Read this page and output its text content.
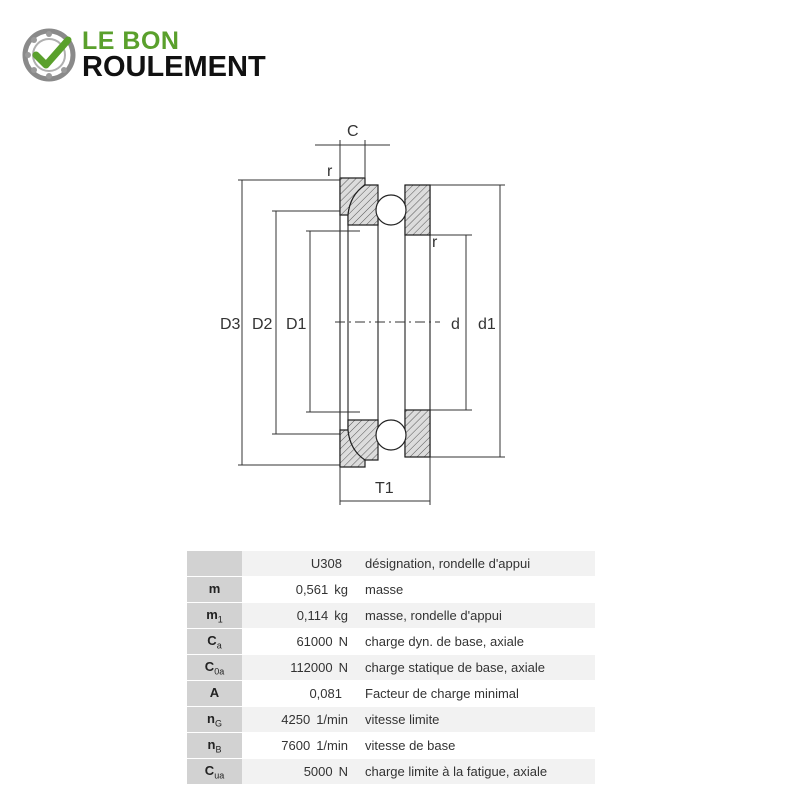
LE BON
ROULEMENT
C
r
r
D3 D2 D1	d d1
T1
	U308	désignation, rondelle d'appui
m	0,561 kg	masse
$m_1$	0,114 kg	masse, rondelle d'appui
$C_a$	61000 N	charge dyn. de base, axiale
$C_{0a}$	112000 N	charge statique de base, axiale
A	0,081	Facteur de charge minimal
$n_G$	4250 1/min	vitesse limite
$n_B$	7600 1/min	vitesse de base
$C_{ua}$	5000 N	charge limite à la fatigue, axiale
